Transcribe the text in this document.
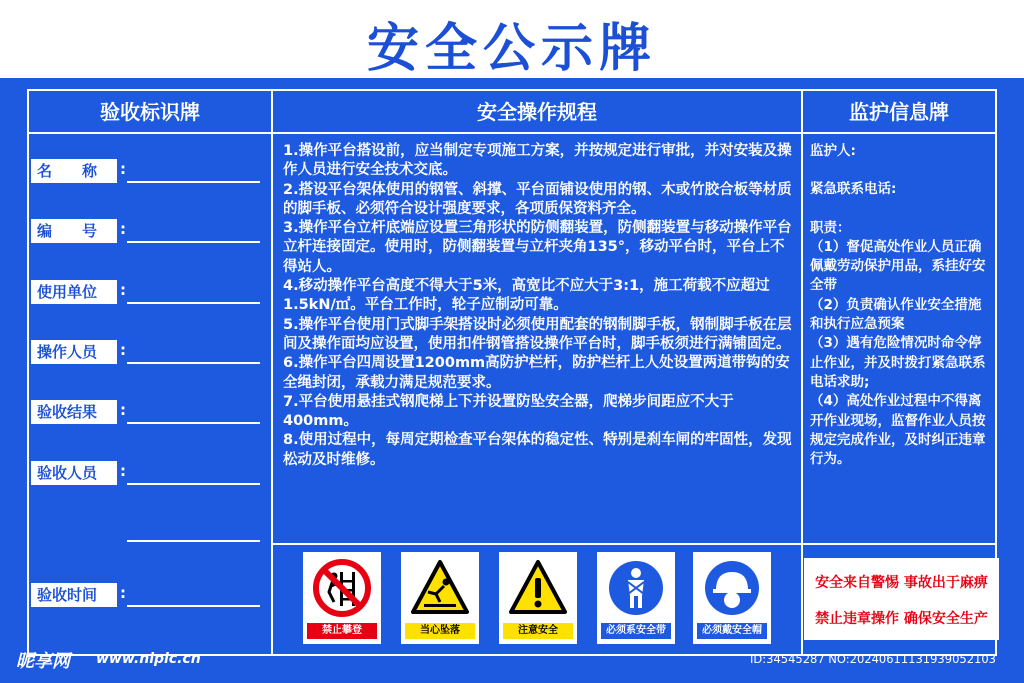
安全公示牌
验收标识牌	安全操作规程	监护信息牌
名　　称	:
编　　号	:
使用单位	:
操作人员	:
验收结果	:
验收人员	:
验收时间	:

1.操作平台搭设前，应当制定专项施工方案，并按规定进行审批，并对安装及操作人员进行安全技术交底。

2.搭设平台架体使用的钢管、斜撑、平台面铺设使用的钢、木或竹胶合板等材质的脚手板、必须符合设计强度要求，各项质保资料齐全。

3.操作平台立杆底端应设置三角形状的防侧翻装置，防侧翻装置与移动操作平台立杆连接固定。使用时，防侧翻装置与立杆夹角135°，移动平台时，平台上不得站人。

4.移动操作平台高度不得大于5米，高宽比不应大于3:1，施工荷载不应超过1.5kN/㎡。平台工作时，轮子应制动可靠。

5.操作平台使用门式脚手架搭设时必须使用配套的钢制脚手板，钢制脚手板在层间及操作面均应设置，使用扣件钢管搭设操作平台时，脚手板须进行满铺固定。

6.操作平台四周设置1200mm高防护栏杆，防护栏杆上人处设置两道带钩的安全绳封闭，承载力满足规范要求。

7.平台使用悬挂式钢爬梯上下并设置防坠安全器，爬梯步间距应不大于400mm。

8.使用过程中，每周定期检查平台架体的稳定性、特别是刹车闸的牢固性，发现松动及时维修。

监护人:

紧急联系电话:

职责：

（1）督促高处作业人员正确佩戴劳动保护用品，系挂好安全带

（2）负责确认作业安全措施和执行应急预案

（3）遇有危险情况时命令停止作业，并及时拨打紧急联系电话求助;

（4）高处作业过程中不得离开作业现场，监督作业人员按规定完成作业，及时纠正违章行为。

禁止攀登	当心坠落	注意安全	必须系安全带	必须戴安全帽
安全来自警惕 事故出于麻痹
禁止违章操作 确保安全生产
昵享网 www.nipic.cn	ID:34545287 NO:20240611131939052103
